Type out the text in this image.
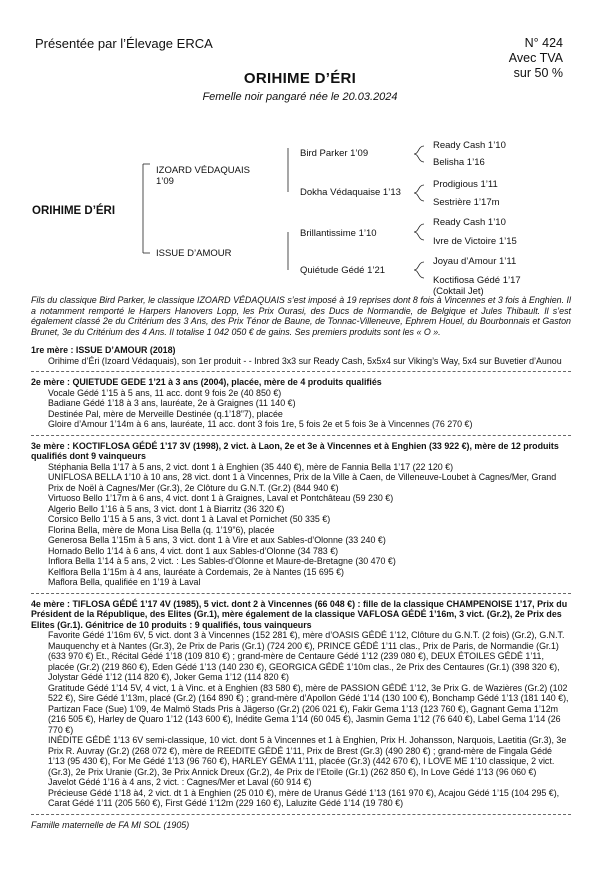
Présentée par l’Élevage ERCA	N° 424
Avec TVA
sur 50 %
ORIHIME D’ÉRI
Femelle noir pangaré née le 20.03.2024
ORIHIME D’ÉRI
IZOARD VÉDAQUAIS
1’09
ISSUE D’AMOUR
Bird Parker 1’09
Dokha Védaquaise 1’13
Brillantissime 1’10
Quiétude Gédé 1’21
Ready Cash 1’10
Belisha 1’16
Prodigious 1’11
Sestrière 1’17m
Ready Cash 1’10
Ivre de Victoire 1’15
Joyau d’Amour 1’11
Koctifiosa Gédé 1’17
(Coktail Jet)

Fils du classique Bird Parker, le classique IZOARD VÉDAQUAIS s’est imposé à 19 reprises dont 8 fois à Vincennes et 3 fois à Enghien. Il a notamment remporté le Harpers Hanovers Lopp, les Prix Ourasi, des Ducs de Normandie, de Belgique et Jules Thibault. Il s’est également classé 2e du Critérium des 3 Ans, des Prix Ténor de Baune, de Tonnac-Villeneuve, Ephrem Houel, du Bourbonnais et Gaston Brunet, 3e du Critérium des 4 Ans. Il totalise 1 042 050 € de gains. Ses premiers produits sont les « O ».

1re mère : ISSUE D’AMOUR (2018)

Orihime d’Éri (Izoard Védaquais), son 1er produit - - Inbred 3x3 sur Ready Cash, 5x5x4 sur Viking’s Way, 5x4 sur Buvetier d’Aunou

2e mère : QUIETUDE GEDE 1’21 à 3 ans (2004), placée, mère de 4 produits qualifiés

Vocale Gédé 1’15 à 5 ans, 11 acc. dont 9 fois 2e (40 850 €)

Badiane Gédé 1’18 à 3 ans, lauréate, 2e à Graignes (11 140 €)

Destinée Pal, mère de Merveille Destinée (q.1’18”7), placée

Gloire d’Amour 1’14m à 6 ans, lauréate, 11 acc. dont 3 fois 1re, 5 fois 2e et 5 fois 3e à Vincennes (76 270 €)

3e mère : KOCTIFLOSA GÉDÉ 1’17 3V (1998), 2 vict. à Laon, 2e et 3e à Vincennes et à Enghien (33 922 €), mère de 12 produits qualifiés dont 9 vainqueurs

Stéphania Bella 1’17 à 5 ans, 2 vict. dont 1 à Enghien (35 440 €), mère de Fannia Bella 1’17 (22 120 €)

UNIFLOSA BELLA 1’10 à 10 ans, 28 vict. dont 1 à Vincennes, Prix de la Ville à Caen, de Villeneuve-Loubet à Cagnes/Mer, Grand Prix de Noël à Cagnes/Mer (Gr.3), 2e Clôture du G.N.T. (Gr.2) (844 940 €)

Virtuoso Bello 1’17m à 6 ans, 4 vict. dont 1 à Graignes, Laval et Pontchâteau (59 230 €)

Algerio Bello 1’16 à 5 ans, 3 vict. dont 1 à Biarritz (36 320 €)

Corsico Bello 1’15 à 5 ans, 3 vict. dont 1 à Laval et Pornichet (50 335 €)

Florina Bella, mère de Mona Lisa Bella (q. 1’19”6), placée

Generosa Bella 1’15m à 5 ans, 3 vict. dont 1 à Vire et aux Sables-d’Olonne (33 240 €)

Hornado Bello 1’14 à 6 ans, 4 vict. dont 1 aux Sables-d’Olonne (34 783 €)

Inflora Bella 1’14 à 5 ans, 2 vict. : Les Sables-d’Olonne et Maure-de-Bretagne (30 470 €)

Kelflora Bella 1’15m à 4 ans, lauréate à Cordemais, 2e à Nantes (15 695 €)

Maflora Bella, qualifiée en 1’19 à Laval

4e mère : TIFLOSA GÉDÉ 1’17 4V (1985), 5 vict. dont 2 à Vincennes (66 048 €) : fille de la classique CHAMPENOISE 1’17, Prix du Président de la République, des Elites (Gr.1), mère également de la classique VAFLOSA GÉDÉ 1’16m, 3 vict. (Gr.2), 2e Prix des Elites (Gr.1). Génitrice de 10 produits : 9 qualifiés, tous vainqueurs

Favorite Gédé 1’16m 6V, 5 vict. dont 3 à Vincennes (152 281 €), mère d’OASIS GÉDÉ 1’12, Clôture du G.N.T. (2 fois) (Gr.2), G.N.T. Mauquenchy et à Nantes (Gr.3), 2e Prix de Paris (Gr.1) (724 200 €), PRINCE GÉDÉ 1’11 clas., Prix de Paris, de Normandie (Gr.1) (633 970 €) Et., Récital Gédé 1’18 (109 810 €) ; grand-mère de Centaure Gédé 1’12 (239 080 €), DEUX ÉTOILES GÉDÉ 1’11, placée (Gr.2) (219 860 €), Eden Gédé 1’13 (140 230 €), GEORGICA GÉDÉ 1’10m clas., 2e Prix des Centaures (Gr.1) (398 320 €), Jolystar Gédé 1’12 (114 820 €), Joker Gema 1’12 (114 820 €)

Gratitude Gédé 1’14 5V, 4 vict, 1 à Vinc. et à Enghien (83 580 €), mère de PASSION GÉDÉ 1’12, 3e Prix G. de Wazières (Gr.2) (102 522 €), Sire Gédé 1’13m, placé (Gr.2) (164 890 €) ; grand-mère d’Apollon Gédé 1’14 (130 100 €), Bonchamp Gédé 1’13 (181 140 €), Partizan Face (Sue) 1’09, 4e Malmö Stads Pris à Jägerso (Gr.2) (206 021 €), Fakir Gema 1’13 (123 760 €), Gagnant Gema 1’12m (216 505 €), Harley de Quaro 1’12 (143 600 €), Inédite Gema 1’14 (60 045 €), Jasmin Gema 1’12 (76 640 €), Label Gema 1’14 (26 770 €)

INÉDITE GÉDÉ 1’13 6V semi-classique, 10 vict. dont 5 à Vincennes et 1 à Enghien, Prix H. Johansson, Narquois, Laetitia (Gr.3), 3e Prix R. Auvray (Gr.2) (268 072 €), mère de REEDITE GÉDÉ 1’11, Prix de Brest (Gr.3) (490 280 €) ; grand-mère de Fingala Gédé 1’13 (95 430 €), For Me Gédé 1’13 (96 760 €), HARLEY GÉMA 1’11, placée (Gr.3) (442 670 €), I LOVE ME 1’10 classique, 2 vict. (Gr.3), 2e Prix Uranie (Gr.2), 3e Prix Annick Dreux (Gr.2), 4e Prix de l’Etoile (Gr.1) (262 850 €), In Love Gédé 1’13 (96 060 €)

Javelot Gédé 1’16 à 4 ans, 2 vict. : Cagnes/Mer et Laval (60 914 €)

Précieuse Gédé 1’18 à4, 2 vict. dt 1 à Enghien (25 010 €), mère de Uranus Gédé 1’13 (161 970 €), Acajou Gédé 1’15 (104 295 €), Carat Gédé 1’11 (205 560 €), First Gédé 1’12m (229 160 €), Laluzite Gédé 1’14 (19 780 €)

Famille maternelle de FA MI SOL (1905)
